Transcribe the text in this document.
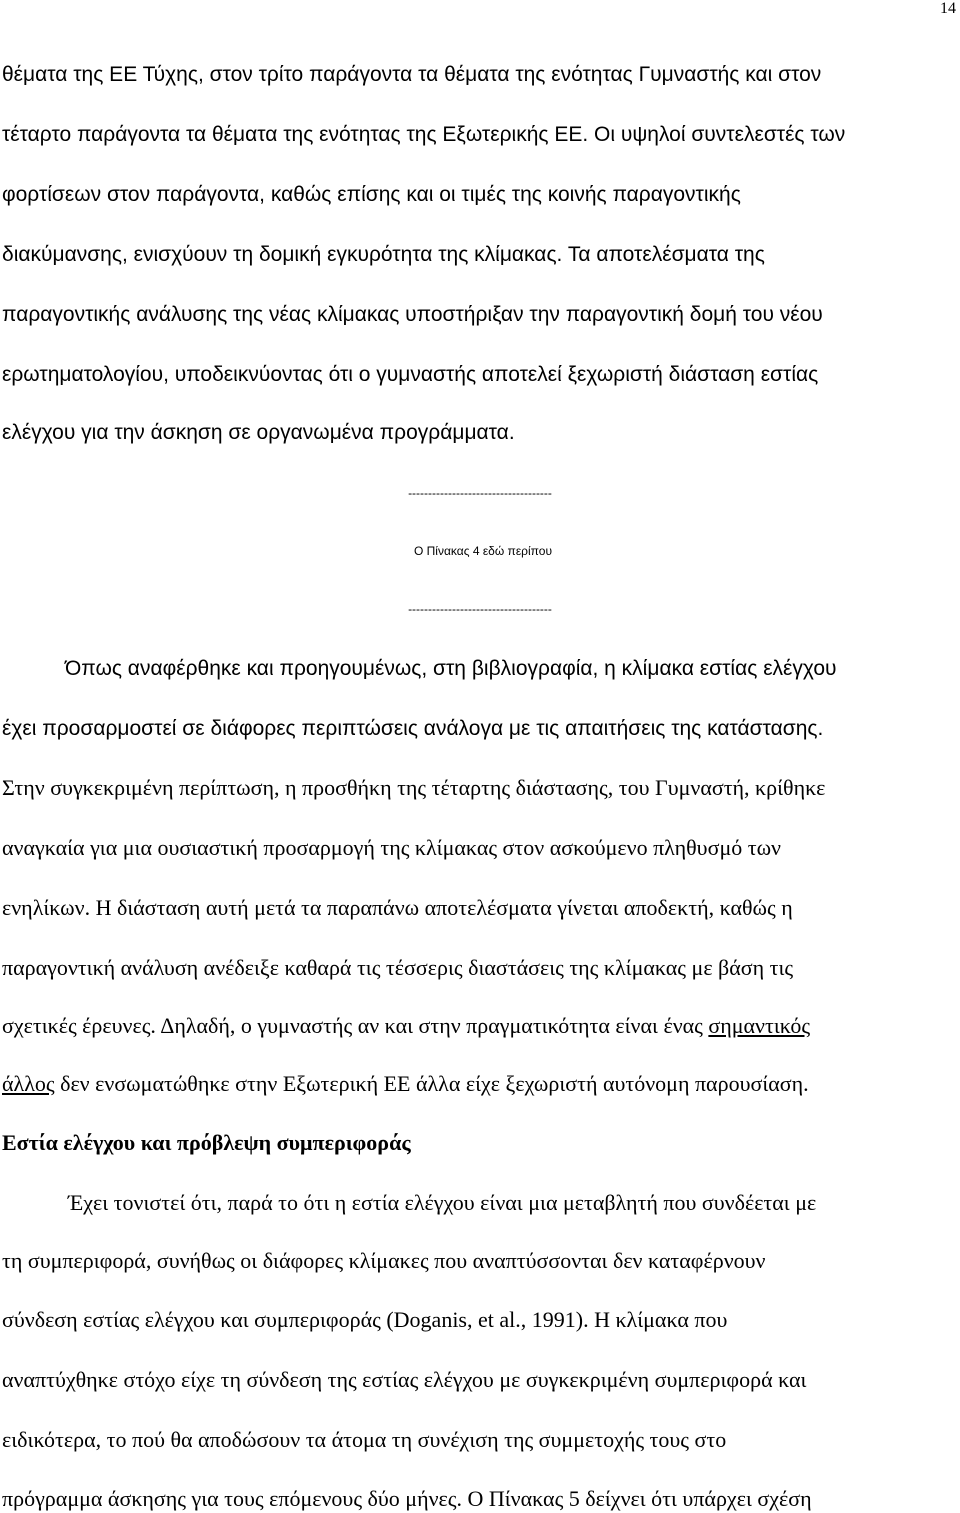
14
θέματα της ΕΕ Τύχης, στον τρίτο παράγοντα τα θέματα της ενότητας Γυμναστής και στον
τέταρτο παράγοντα τα θέματα της ενότητας της Εξωτερικής ΕΕ. Οι υψηλοί συντελεστές των
φορτίσεων στον παράγοντα, καθώς επίσης και οι τιμές της κοινής παραγοντικής
διακύμανσης, ενισχύουν τη δομική εγκυρότητα της κλίμακας. Τα αποτελέσματα της
παραγοντικής ανάλυσης της νέας κλίμακας υποστήριξαν την παραγοντική δομή του νέου
ερωτηματολογίου, υποδεικνύοντας ότι ο γυμναστής αποτελεί ξεχωριστή διάσταση εστίας
ελέγχου για την άσκηση σε οργανωμένα προγράμματα.
------------------------------------
Ο Πίνακας 4 εδώ περίπου
------------------------------------
Όπως αναφέρθηκε και προηγουμένως, στη βιβλιογραφία, η κλίμακα εστίας ελέγχου
έχει προσαρμοστεί σε διάφορες περιπτώσεις ανάλογα με τις απαιτήσεις της κατάστασης.
Στην συγκεκριμένη περίπτωση, η προσθήκη της τέταρτης διάστασης, του Γυμναστή, κρίθηκε
αναγκαία για μια ουσιαστική προσαρμογή της κλίμακας στον ασκούμενο πληθυσμό των
ενηλίκων. Η διάσταση αυτή μετά τα παραπάνω αποτελέσματα γίνεται αποδεκτή, καθώς η
παραγοντική ανάλυση ανέδειξε καθαρά τις τέσσερις διαστάσεις της κλίμακας με βάση τις
σχετικές έρευνες. Δηλαδή, ο γυμναστής αν και στην πραγματικότητα είναι ένας σημαντικός
άλλος δεν ενσωματώθηκε στην Εξωτερική ΕΕ άλλα είχε ξεχωριστή αυτόνομη παρουσίαση.
Εστία ελέγχου και πρόβλεψη συμπεριφοράς
Έχει τονιστεί ότι, παρά το ότι η εστία ελέγχου είναι μια μεταβλητή που συνδέεται με
τη συμπεριφορά, συνήθως οι διάφορες κλίμακες που αναπτύσσονται δεν καταφέρνουν
σύνδεση εστίας ελέγχου και συμπεριφοράς (Doganis, et al., 1991). Η κλίμακα που
αναπτύχθηκε στόχο είχε τη σύνδεση της εστίας ελέγχου με συγκεκριμένη συμπεριφορά και
ειδικότερα, το πού θα αποδώσουν τα άτομα τη συνέχιση της συμμετοχής τους στο
πρόγραμμα άσκησης για τους επόμενους δύο μήνες. Ο Πίνακας 5 δείχνει ότι υπάρχει σχέση
